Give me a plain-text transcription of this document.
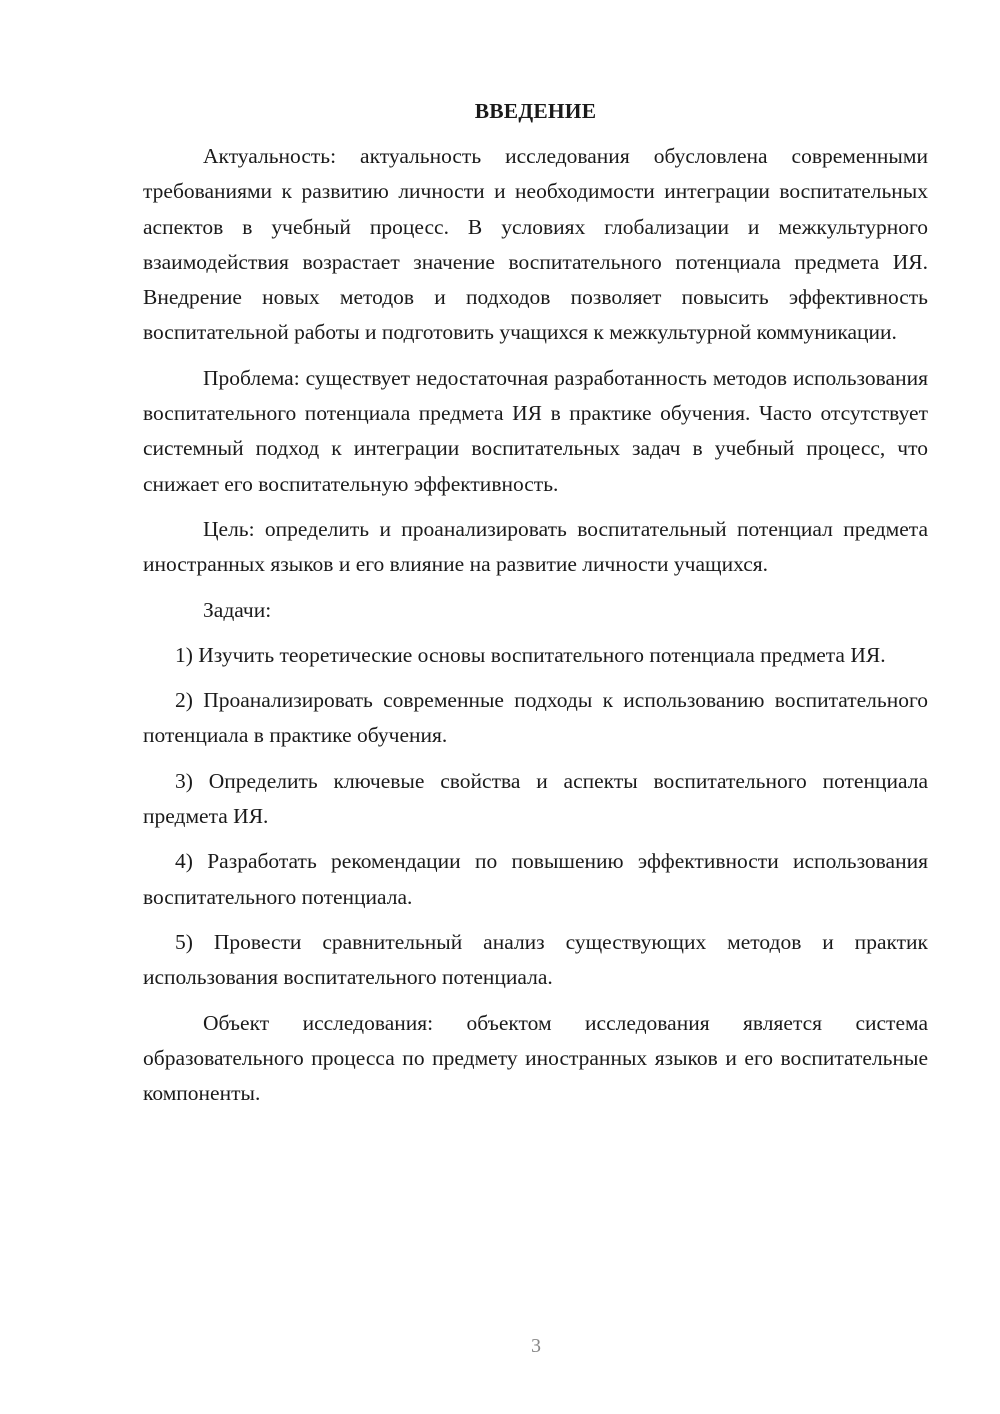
ВВЕДЕНИЕ

Актуальность: актуальность исследования обусловлена современными требованиями к развитию личности и необходимости интеграции воспитательных аспектов в учебный процесс. В условиях глобализации и межкультурного взаимодействия возрастает значение воспитательного потенциала предмета ИЯ. Внедрение новых методов и подходов позволяет повысить эффективность воспитательной работы и подготовить учащихся к межкультурной коммуникации.

Проблема: существует недостаточная разработанность методов использования воспитательного потенциала предмета ИЯ в практике обучения. Часто отсутствует системный подход к интеграции воспитательных задач в учебный процесс, что снижает его воспитательную эффективность.

Цель: определить и проанализировать воспитательный потенциал предмета иностранных языков и его влияние на развитие личности учащихся.

Задачи:

1) Изучить теоретические основы воспитательного потенциала предмета ИЯ.

2) Проанализировать современные подходы к использованию воспитательного потенциала в практике обучения.

3) Определить ключевые свойства и аспекты воспитательного потенциала предмета ИЯ.

4) Разработать рекомендации по повышению эффективности использования воспитательного потенциала.

5) Провести сравнительный анализ существующих методов и практик использования воспитательного потенциала.

Объект исследования: объектом исследования является система образовательного процесса по предмету иностранных языков и его воспитательные компоненты.

3
